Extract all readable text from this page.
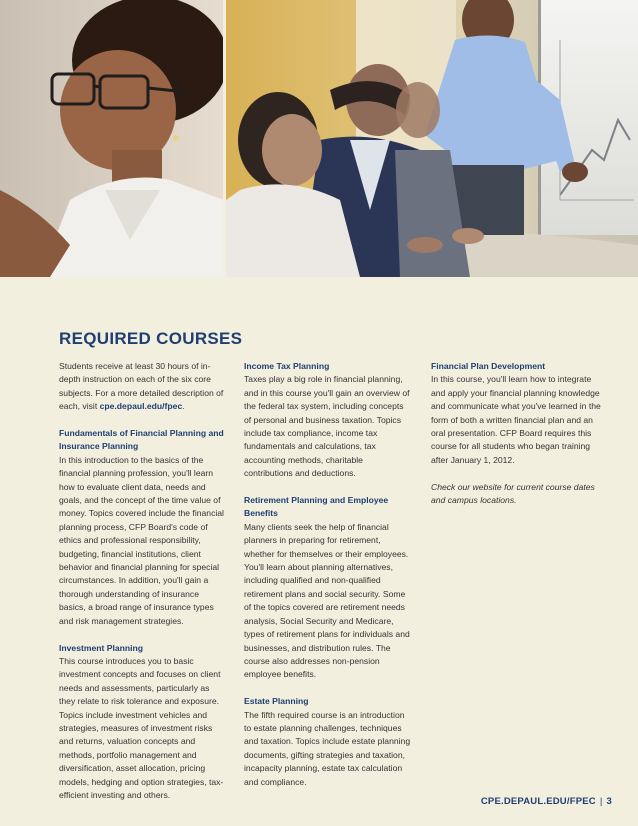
REQUIRED COURSES

Students receive at least 30 hours of in-depth instruction on each of the six core subjects. For a more detailed description of each, visit cpe.depaul.edu/fpec.

Fundamentals of Financial Planning and Insurance Planning

In this introduction to the basics of the financial planning profession, you'll learn how to evaluate client data, needs and goals, and the concept of the time value of money. Topics covered include the financial planning process, CFP Board's code of ethics and professional responsibility, budgeting, financial institutions, client behavior and financial planning for special circumstances. In addition, you'll gain a thorough understanding of insurance basics, a broad range of insurance types and risk management strategies.

Investment Planning

This course introduces you to basic investment concepts and focuses on client needs and assessments, particularly as they relate to risk tolerance and exposure. Topics include investment vehicles and strategies, measures of investment risks and returns, valuation concepts and methods, portfolio management and diversification, asset allocation, pricing models, hedging and option strategies, tax-efficient investing and others.

Income Tax Planning

Taxes play a big role in financial planning, and in this course you'll gain an overview of the federal tax system, including concepts of personal and business taxation. Topics include tax compliance, income tax fundamentals and calculations, tax accounting methods, charitable contributions and deductions.

Retirement Planning and Employee Benefits

Many clients seek the help of financial planners in preparing for retirement, whether for themselves or their employees. You'll learn about planning alternatives, including qualified and non-qualified retirement plans and social security. Some of the topics covered are retirement needs analysis, Social Security and Medicare, types of retirement plans for individuals and businesses, and distribution rules. The course also addresses non-pension employee benefits.

Estate Planning

The fifth required course is an introduction to estate planning challenges, techniques and taxation. Topics include estate planning documents, gifting strategies and taxation, incapacity planning, estate tax calculation and compliance.

Financial Plan Development

In this course, you'll learn how to integrate and apply your financial planning knowledge and communicate what you've learned in the form of both a written financial plan and an oral presentation. CFP Board requires this course for all students who began training after January 1, 2012.

Check our website for current course dates and campus locations.

CPE.DEPAUL.EDU/FPEC | 3
